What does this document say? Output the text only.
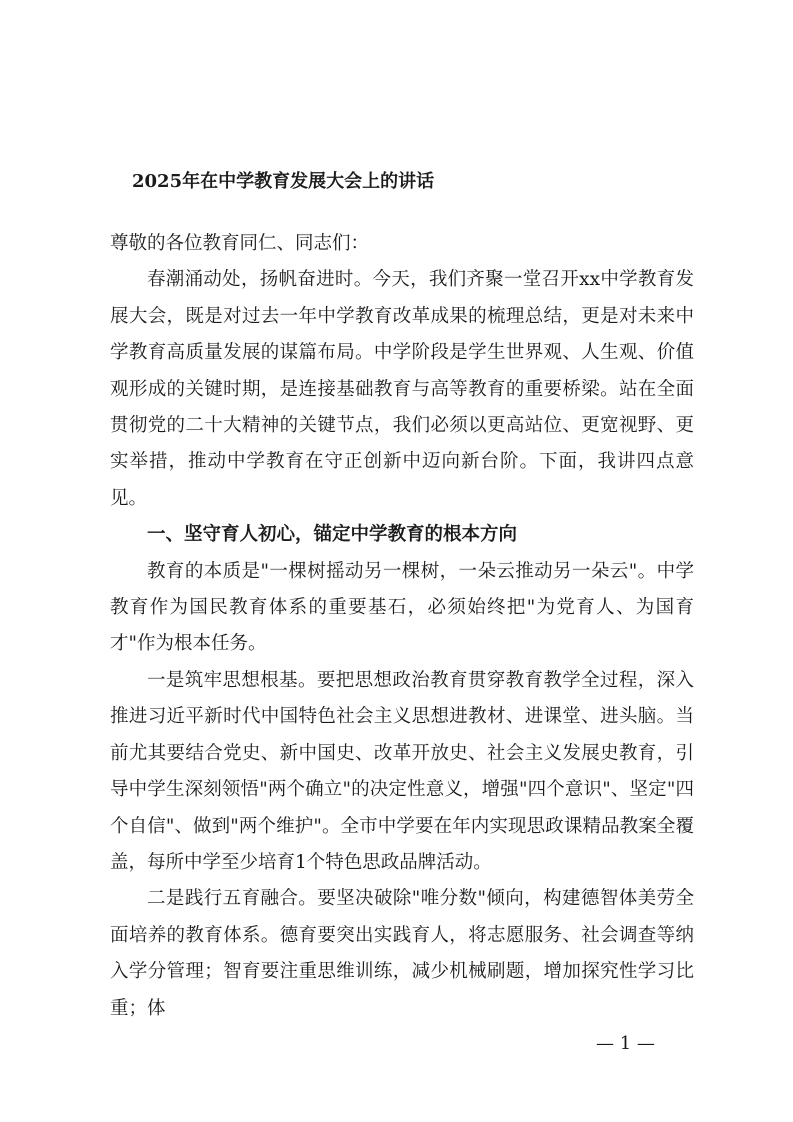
2025年在中学教育发展大会上的讲话

尊敬的各位教育同仁、同志们：

春潮涌动处，扬帆奋进时。今天，我们齐聚一堂召开xx中学教育发展大会，既是对过去一年中学教育改革成果的梳理总结，更是对未来中学教育高质量发展的谋篇布局。中学阶段是学生世界观、人生观、价值观形成的关键时期，是连接基础教育与高等教育的重要桥梁。站在全面贯彻党的二十大精神的关键节点，我们必须以更高站位、更宽视野、更实举措，推动中学教育在守正创新中迈向新台阶。下面，我讲四点意见。

一、坚守育人初心，锚定中学教育的根本方向

教育的本质是"一棵树摇动另一棵树，一朵云推动另一朵云"。中学教育作为国民教育体系的重要基石，必须始终把"为党育人、为国育才"作为根本任务。

一是筑牢思想根基。要把思想政治教育贯穿教育教学全过程，深入推进习近平新时代中国特色社会主义思想进教材、进课堂、进头脑。当前尤其要结合党史、新中国史、改革开放史、社会主义发展史教育，引导中学生深刻领悟"两个确立"的决定性意义，增强"四个意识"、坚定"四个自信"、做到"两个维护"。全市中学要在年内实现思政课精品教案全覆盖，每所中学至少培育1个特色思政品牌活动。

二是践行五育融合。要坚决破除"唯分数"倾向，构建德智体美劳全面培养的教育体系。德育要突出实践育人，将志愿服务、社会调查等纳入学分管理；智育要注重思维训练，减少机械刷题，增加探究性学习比重；体

— 1 —
